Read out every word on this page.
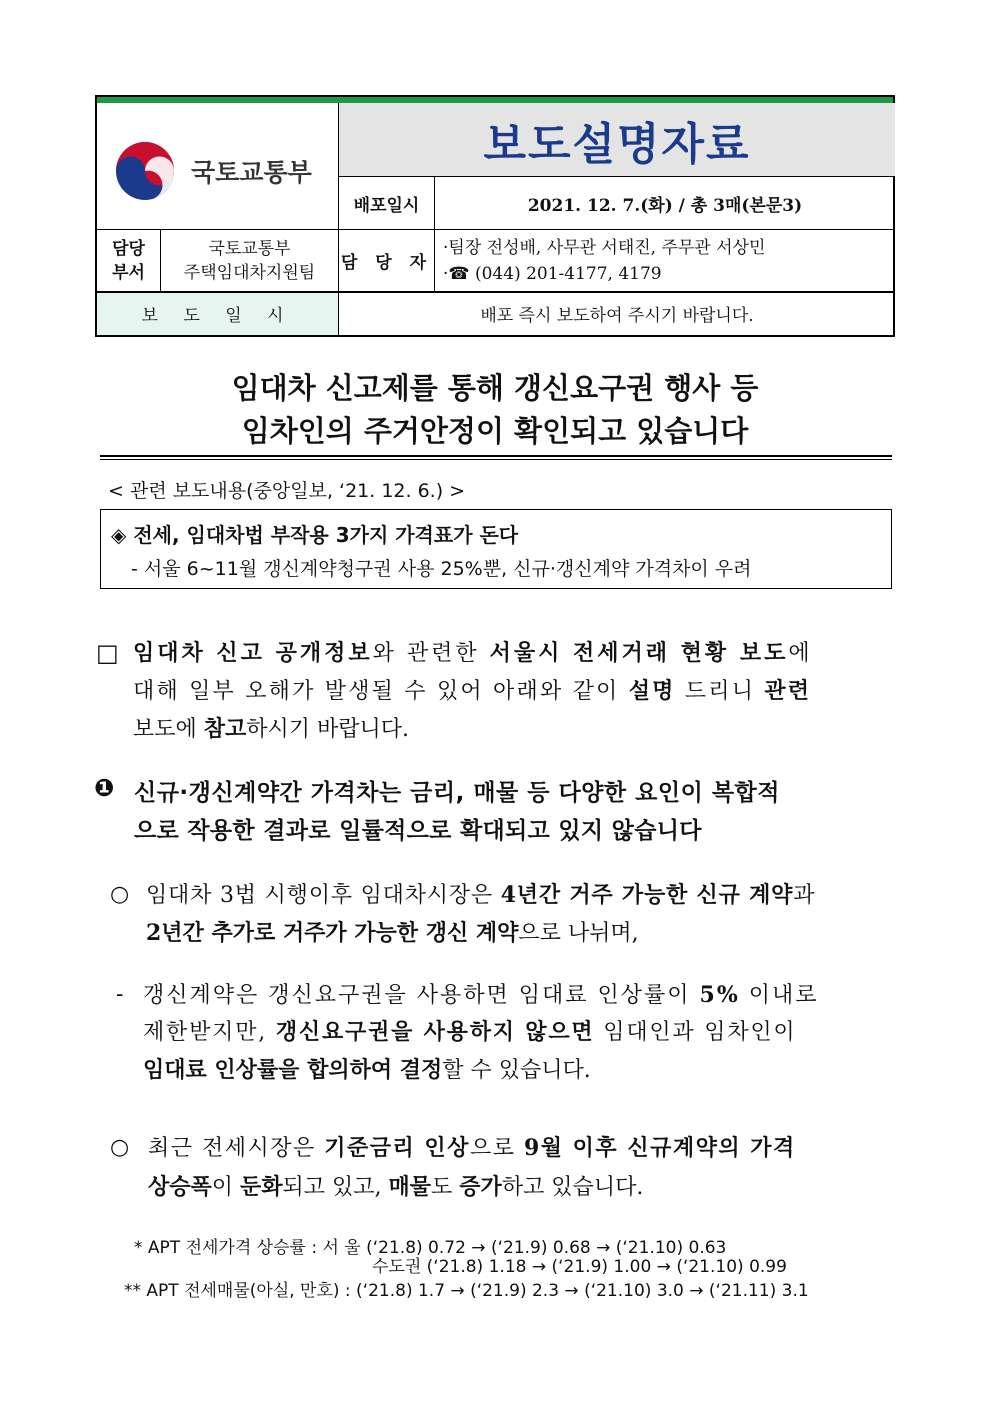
국토교통부
보도설명자료
배포일시	2021. 12. 7.(화) / 총 3매(본문3)
담당
부서
국토교통부
주택임대차지원팀 담 당 자
·팀장 전성배, 사무관 서태진, 주무관 서상민
·☎ (044) 201-4177, 4179
보 도 일 시	배포 즉시 보도하여 주시기 바랍니다.
임대차 신고제를 통해 갱신요구권 행사 등
임차인의 주거안정이 확인되고 있습니다
< 관련 보도내용(중앙일보, ‘21. 12. 6.) >
◈ 전세, 임대차법 부작용 3가지 가격표가 돈다
- 서울 6~11월 갱신계약청구권 사용 25%뿐, 신규·갱신계약 가격차이 우려
□ 임대차 신고 공개정보와 관련한 서울시 전세거래 현황 보도에
대해 일부 오해가 발생될 수 있어 아래와 같이 설명 드리니 관련
보도에 참고하시기 바랍니다.
❶ 신규·갱신계약간 가격차는 금리, 매물 등 다양한 요인이 복합적
으로 작용한 결과로 일률적으로 확대되고 있지 않습니다
○ 임대차 3법 시행이후 임대차시장은 4년간 거주 가능한 신규 계약과
2년간 추가로 거주가 가능한 갱신 계약으로 나뉘며,
- 갱신계약은 갱신요구권을 사용하면 임대료 인상률이 5% 이내로
제한받지만, 갱신요구권을 사용하지 않으면 임대인과 임차인이
임대료 인상률을 합의하여 결정할 수 있습니다.
○ 최근 전세시장은 기준금리 인상으로 9월 이후 신규계약의 가격
상승폭이 둔화되고 있고, 매물도 증가하고 있습니다.
* APT 전세가격 상승률 : 서 울 (‘21.8) 0.72 → (‘21.9) 0.68 → (‘21.10) 0.63
수도권 (‘21.8) 1.18 → (‘21.9) 1.00 → (‘21.10) 0.99
** APT 전세매물(아실, 만호) : (‘21.8) 1.7 → (‘21.9) 2.3 → (‘21.10) 3.0 → (‘21.11) 3.1
